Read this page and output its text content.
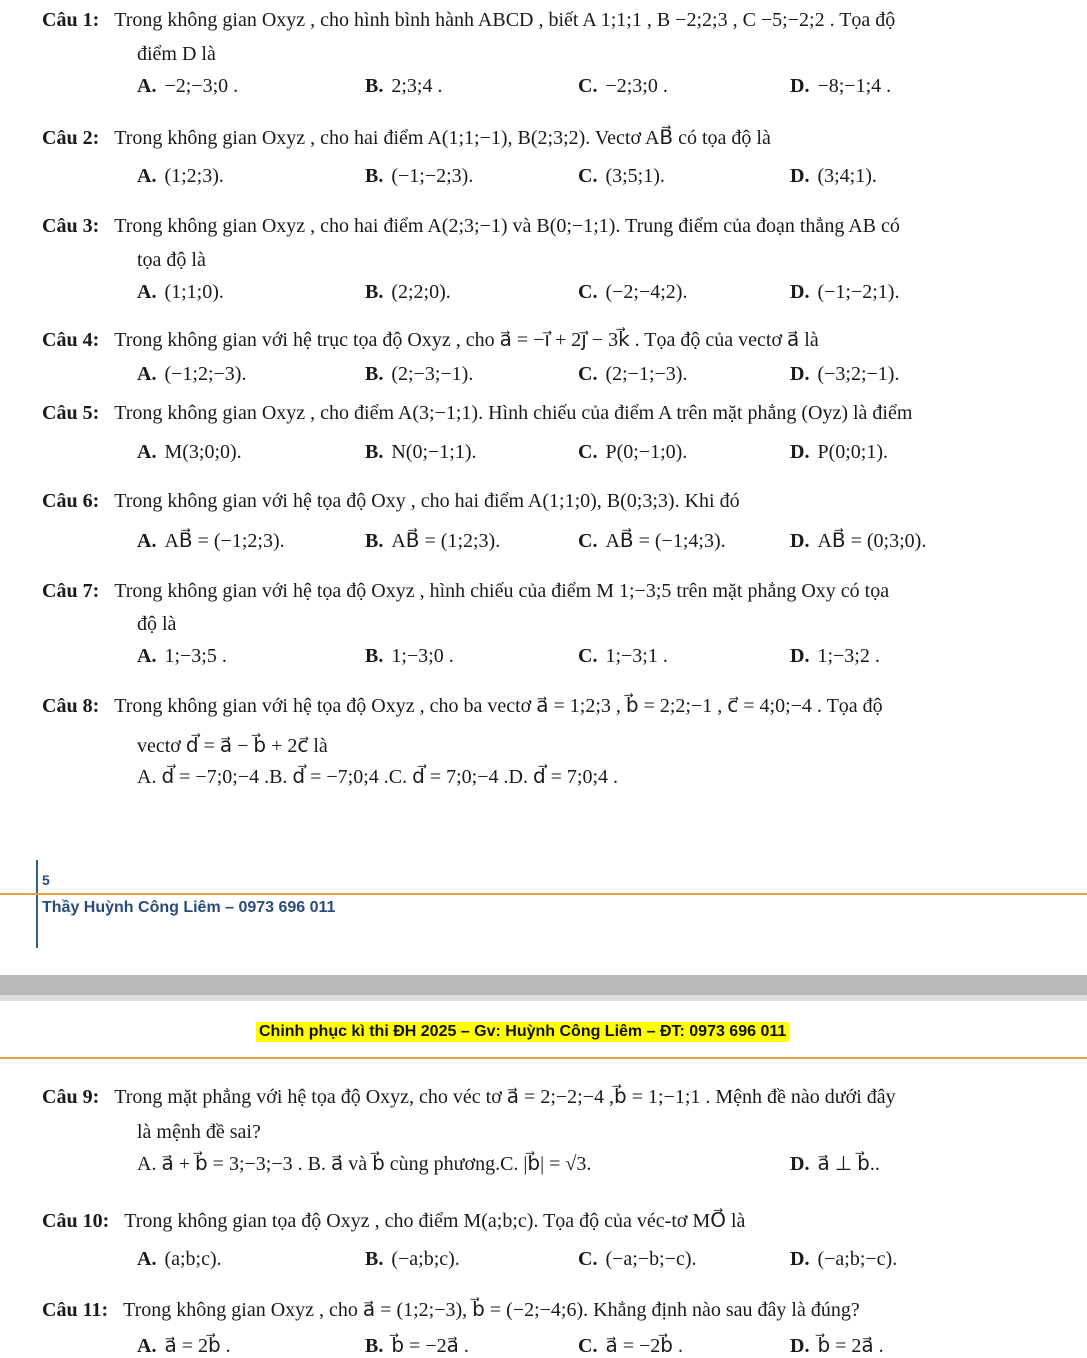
Câu 1: Trong không gian Oxyz , cho hình bình hành ABCD , biết A 1;1;1 , B −2;2;3 , C −5;−2;2 . Tọa độ
điểm D là
A. −2;−3;0 .	B. 2;3;4 .	C. −2;3;0 .	D. −8;−1;4 .
Câu 2: Trong không gian Oxyz , cho hai điểm A(1;1;−1), B(2;3;2). Vectơ AB⃗ có tọa độ là
A. (1;2;3).	B. (−1;−2;3).	C. (3;5;1).	D. (3;4;1).
Câu 3: Trong không gian Oxyz , cho hai điểm A(2;3;−1) và B(0;−1;1). Trung điểm của đoạn thẳng AB có
tọa độ là
A. (1;1;0).	B. (2;2;0).	C. (−2;−4;2).	D. (−1;−2;1).
Câu 4: Trong không gian với hệ trục tọa độ Oxyz , cho a⃗ = −i⃗ + 2j⃗ − 3k⃗ . Tọa độ của vectơ a⃗ là
A. (−1;2;−3).	B. (2;−3;−1).	C. (2;−1;−3).	D. (−3;2;−1).
Câu 5: Trong không gian Oxyz , cho điểm A(3;−1;1). Hình chiếu của điểm A trên mặt phẳng (Oyz) là điểm
A. M(3;0;0).	B. N(0;−1;1).	C. P(0;−1;0).	D. P(0;0;1).
Câu 6: Trong không gian với hệ tọa độ Oxy , cho hai điểm A(1;1;0), B(0;3;3). Khi đó
A. AB⃗ = (−1;2;3).	B. AB⃗ = (1;2;3).	C. AB⃗ = (−1;4;3).	D. AB⃗ = (0;3;0).
Câu 7: Trong không gian với hệ tọa độ Oxyz , hình chiếu của điểm M 1;−3;5 trên mặt phẳng Oxy có tọa
độ là
A. 1;−3;5 .	B. 1;−3;0 .	C. 1;−3;1 .	D. 1;−3;2 .
Câu 8: Trong không gian với hệ tọa độ Oxyz , cho ba vectơ a⃗ = 1;2;3 , b⃗ = 2;2;−1 , c⃗ = 4;0;−4 . Tọa độ
vectơ d⃗ = a⃗ − b⃗ + 2c⃗ là
A. d⃗ = −7;0;−4 .B. d⃗ = −7;0;4 .C. d⃗ = 7;0;−4 .D. d⃗ = 7;0;4 .
5
Thầy Huỳnh Công Liêm – 0973 696 011
Chinh phục kì thi ĐH 2025 – Gv: Huỳnh Công Liêm – ĐT: 0973 696 011
Câu 9: Trong mặt phẳng với hệ tọa độ Oxyz, cho véc tơ a⃗ = 2;−2;−4 ,b⃗ = 1;−1;1 . Mệnh đề nào dưới đây
là mệnh đề sai?
A. a⃗ + b⃗ = 3;−3;−3 . B. a⃗ và b⃗ cùng phương.C. |b⃗| = √3.	D. a⃗ ⊥ b⃗..
Câu 10: Trong không gian tọa độ Oxyz , cho điểm M(a;b;c). Tọa độ của véc-tơ MO⃗ là
A. (a;b;c).	B. (−a;b;c).	C. (−a;−b;−c).	D. (−a;b;−c).
Câu 11: Trong không gian Oxyz , cho a⃗ = (1;2;−3), b⃗ = (−2;−4;6). Khẳng định nào sau đây là đúng?
A. a⃗ = 2b⃗ .	B. b⃗ = −2a⃗ .	C. a⃗ = −2b⃗ .	D. b⃗ = 2a⃗ .
